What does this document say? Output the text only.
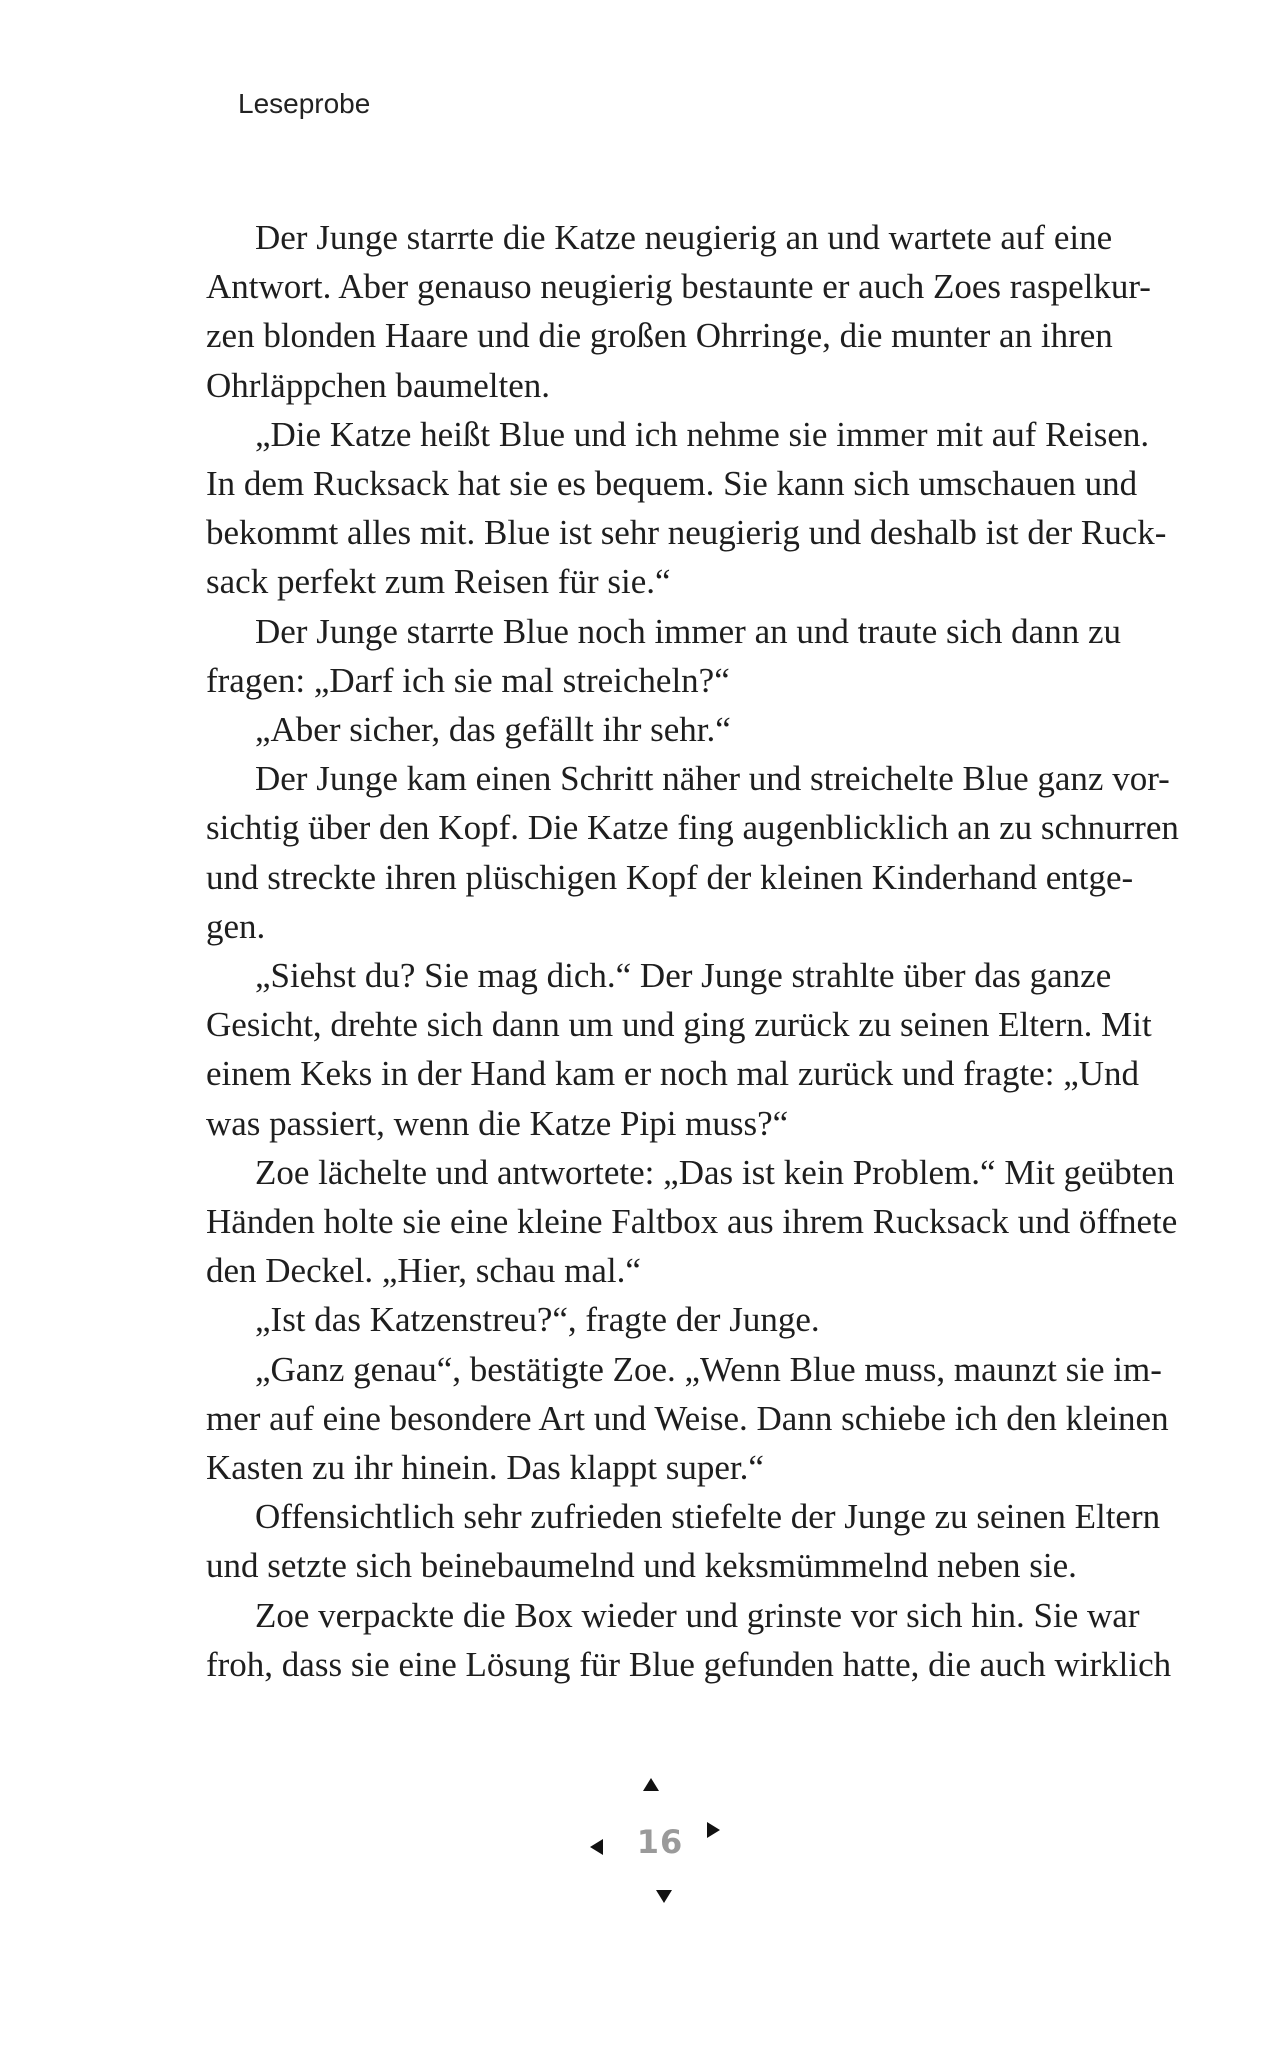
Leseprobe
Der Junge starrte die Katze neugierig an und wartete auf eine
Antwort. Aber genauso neugierig bestaunte er auch Zoes raspelkur-
zen blonden Haare und die großen Ohrringe, die munter an ihren
Ohrläppchen baumelten.
„Die Katze heißt Blue und ich nehme sie immer mit auf Reisen.
In dem Rucksack hat sie es bequem. Sie kann sich umschauen und
bekommt alles mit. Blue ist sehr neugierig und deshalb ist der Ruck-
sack perfekt zum Reisen für sie.“
Der Junge starrte Blue noch immer an und traute sich dann zu
fragen: „Darf ich sie mal streicheln?“
„Aber sicher, das gefällt ihr sehr.“
Der Junge kam einen Schritt näher und streichelte Blue ganz vor-
sichtig über den Kopf. Die Katze fing augenblicklich an zu schnurren
und streckte ihren plüschigen Kopf der kleinen Kinderhand entge-
gen.
„Siehst du? Sie mag dich.“ Der Junge strahlte über das ganze
Gesicht, drehte sich dann um und ging zurück zu seinen Eltern. Mit
einem Keks in der Hand kam er noch mal zurück und fragte: „Und
was passiert, wenn die Katze Pipi muss?“
Zoe lächelte und antwortete: „Das ist kein Problem.“ Mit geübten
Händen holte sie eine kleine Faltbox aus ihrem Rucksack und öffnete
den Deckel. „Hier, schau mal.“
„Ist das Katzenstreu?“, fragte der Junge.
„Ganz genau“, bestätigte Zoe. „Wenn Blue muss, maunzt sie im-
mer auf eine besondere Art und Weise. Dann schiebe ich den kleinen
Kasten zu ihr hinein. Das klappt super.“
Offensichtlich sehr zufrieden stiefelte der Junge zu seinen Eltern
und setzte sich beinebaumelnd und keksmümmelnd neben sie.
Zoe verpackte die Box wieder und grinste vor sich hin. Sie war
froh, dass sie eine Lösung für Blue gefunden hatte, die auch wirklich
16
